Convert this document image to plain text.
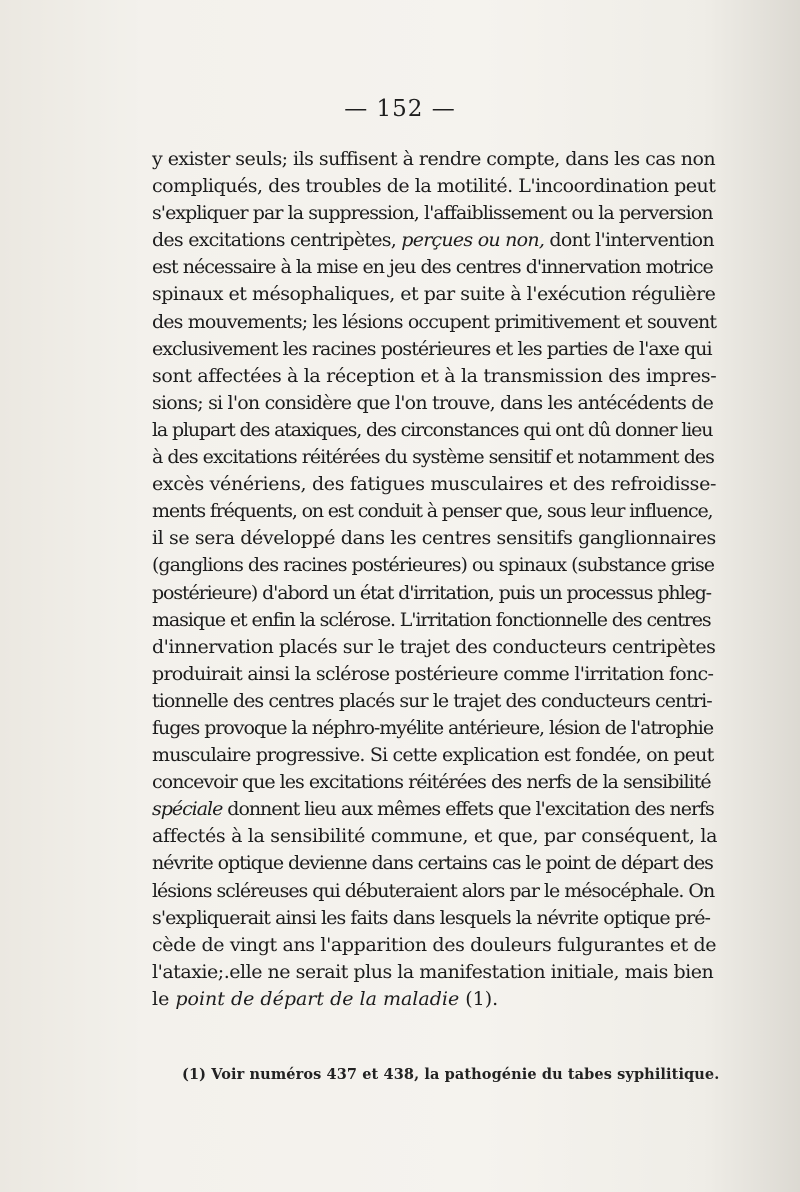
— 152 —
y exister seuls; ils suffisent à rendre compte, dans les cas non
compliqués, des troubles de la motilité. L'incoordination peut
s'expliquer par la suppression, l'affaiblissement ou la perversion
des excitations centripètes, perçues ou non, dont l'intervention
est nécessaire à la mise en jeu des centres d'innervation motrice
spinaux et mésophaliques, et par suite à l'exécution régulière
des mouvements; les lésions occupent primitivement et souvent
exclusivement les racines postérieures et les parties de l'axe qui
sont affectées à la réception et à la transmission des impres-
sions; si l'on considère que l'on trouve, dans les antécédents de
la plupart des ataxiques, des circonstances qui ont dû donner lieu
à des excitations réitérées du système sensitif et notamment des
excès vénériens, des fatigues musculaires et des refroidisse-
ments fréquents, on est conduit à penser que, sous leur influence,
il se sera développé dans les centres sensitifs ganglionnaires
(ganglions des racines postérieures) ou spinaux (substance grise
postérieure) d'abord un état d'irritation, puis un processus phleg-
masique et enfin la sclérose. L'irritation fonctionnelle des centres
d'innervation placés sur le trajet des conducteurs centripètes
produirait ainsi la sclérose postérieure comme l'irritation fonc-
tionnelle des centres placés sur le trajet des conducteurs centri-
fuges provoque la néphro-myélite antérieure, lésion de l'atrophie
musculaire progressive. Si cette explication est fondée, on peut
concevoir que les excitations réitérées des nerfs de la sensibilité
spéciale donnent lieu aux mêmes effets que l'excitation des nerfs
affectés à la sensibilité commune, et que, par conséquent, la
névrite optique devienne dans certains cas le point de départ des
lésions scléreuses qui débuteraient alors par le mésocéphale. On
s'expliquerait ainsi les faits dans lesquels la névrite optique pré-
cède de vingt ans l'apparition des douleurs fulgurantes et de
l'ataxie;.elle ne serait plus la manifestation initiale, mais bien
le point de départ de la maladie (1).
(1) Voir numéros 437 et 438, la pathogénie du tabes syphilitique.
